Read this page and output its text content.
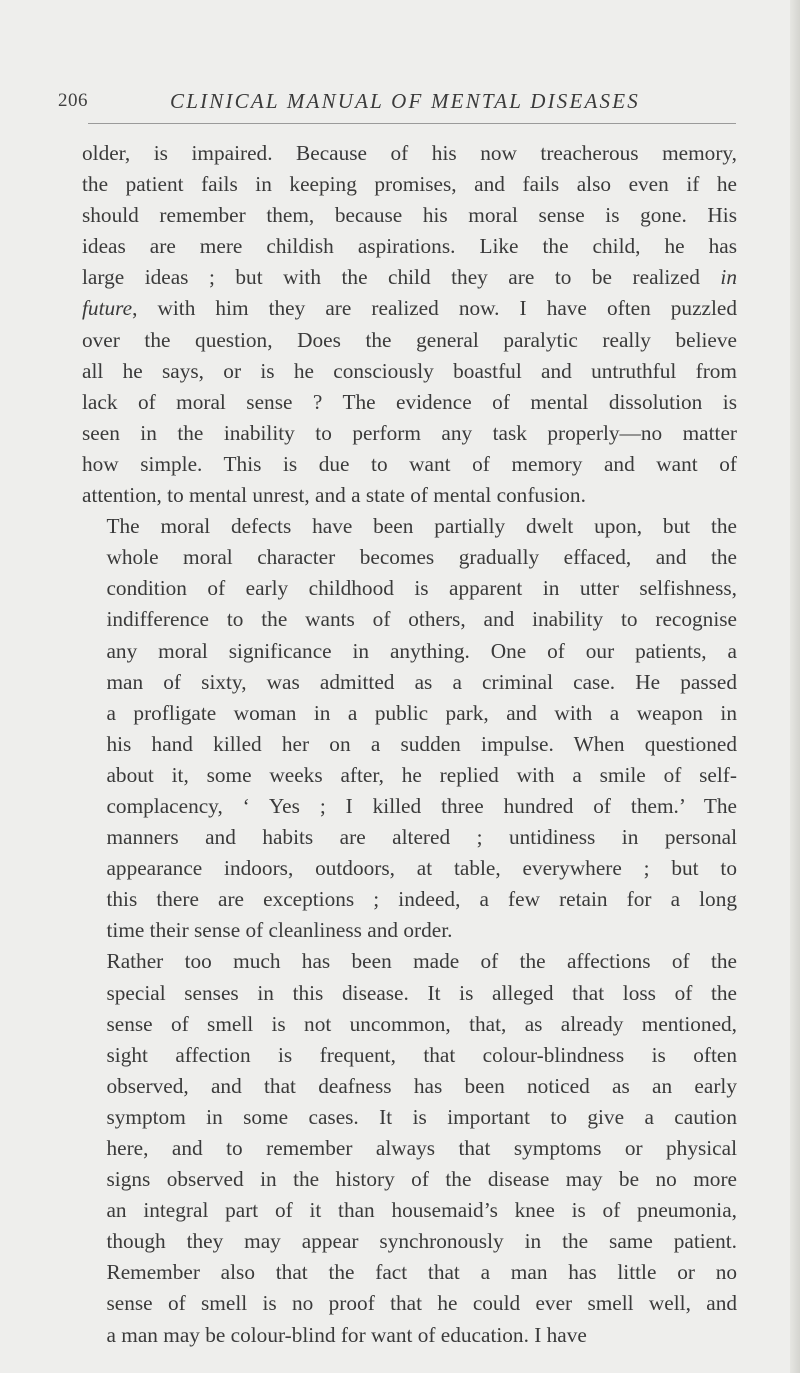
206	CLINICAL MANUAL OF MENTAL DISEASES

older, is impaired. Because of his now treacherous memory,
the patient fails in keeping promises, and fails also even if he
should remember them, because his moral sense is gone. His
ideas are mere childish aspirations. Like the child, he has
large ideas ; but with the child they are to be realized in
future, with him they are realized now. I have often puzzled
over the question, Does the general paralytic really believe
all he says, or is he consciously boastful and untruthful from
lack of moral sense ? The evidence of mental dissolution is
seen in the inability to perform any task properly—no matter
how simple. This is due to want of memory and want of
attention, to mental unrest, and a state of mental confusion.

The moral defects have been partially dwelt upon, but the
whole moral character becomes gradually effaced, and the
condition of early childhood is apparent in utter selfishness,
indifference to the wants of others, and inability to recognise
any moral significance in anything. One of our patients, a
man of sixty, was admitted as a criminal case. He passed
a profligate woman in a public park, and with a weapon in
his hand killed her on a sudden impulse. When questioned
about it, some weeks after, he replied with a smile of self-
complacency, ‘ Yes ; I killed three hundred of them.’ The
manners and habits are altered ; untidiness in personal
appearance indoors, outdoors, at table, everywhere ; but to
this there are exceptions ; indeed, a few retain for a long
time their sense of cleanliness and order.

Rather too much has been made of the affections of the
special senses in this disease. It is alleged that loss of the
sense of smell is not uncommon, that, as already mentioned,
sight affection is frequent, that colour-blindness is often
observed, and that deafness has been noticed as an early
symptom in some cases. It is important to give a caution
here, and to remember always that symptoms or physical
signs observed in the history of the disease may be no more
an integral part of it than housemaid’s knee is of pneumonia,
though they may appear synchronously in the same patient.
Remember also that the fact that a man has little or no
sense of smell is no proof that he could ever smell well, and
a man may be colour-blind for want of education. I have
